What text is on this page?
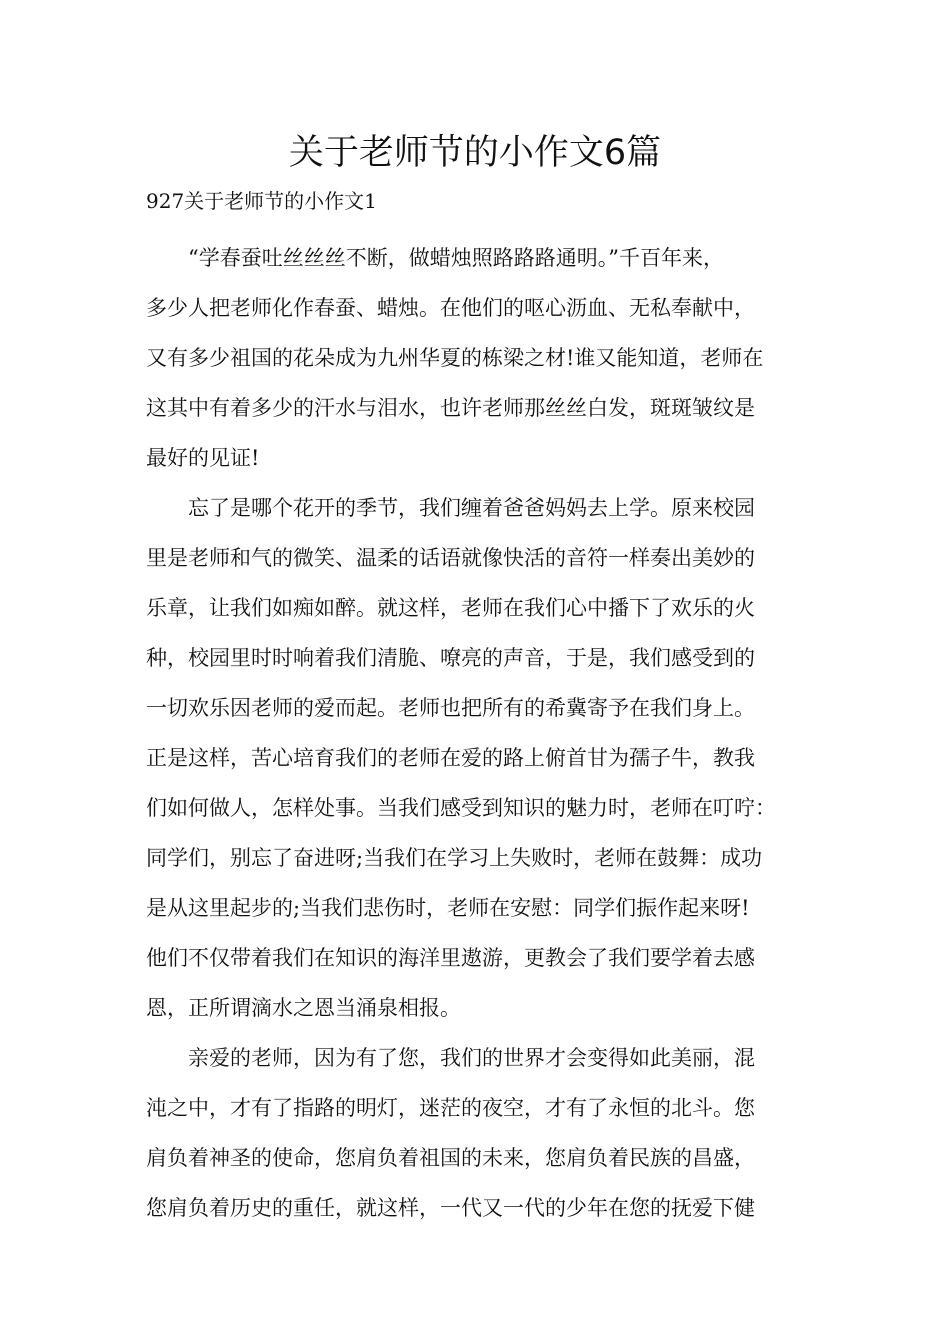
关于老师节的小作文6篇

927关于老师节的小作文1

“学春蚕吐丝丝丝不断，做蜡烛照路路路通明。”千百年来，
多少人把老师化作春蚕、蜡烛。在他们的呕心沥血、无私奉献中，
又有多少祖国的花朵成为九州华夏的栋梁之材!谁又能知道，老师在
这其中有着多少的汗水与泪水，也许老师那丝丝白发，斑斑皱纹是
最好的见证!
忘了是哪个花开的季节，我们缠着爸爸妈妈去上学。原来校园
里是老师和气的微笑、温柔的话语就像快活的音符一样奏出美妙的
乐章，让我们如痴如醉。就这样，老师在我们心中播下了欢乐的火
种，校园里时时响着我们清脆、嘹亮的声音，于是，我们感受到的
一切欢乐因老师的爱而起。老师也把所有的希冀寄予在我们身上。
正是这样，苦心培育我们的老师在爱的路上俯首甘为孺子牛，教我
们如何做人，怎样处事。当我们感受到知识的魅力时，老师在叮咛：
同学们，别忘了奋进呀;当我们在学习上失败时，老师在鼓舞：成功
是从这里起步的;当我们悲伤时，老师在安慰：同学们振作起来呀!
他们不仅带着我们在知识的海洋里遨游，更教会了我们要学着去感
恩，正所谓滴水之恩当涌泉相报。
亲爱的老师，因为有了您，我们的世界才会变得如此美丽，混
沌之中，才有了指路的明灯，迷茫的夜空，才有了永恒的北斗。您
肩负着神圣的使命，您肩负着祖国的未来，您肩负着民族的昌盛，
您肩负着历史的重任，就这样，一代又一代的少年在您的抚爱下健
